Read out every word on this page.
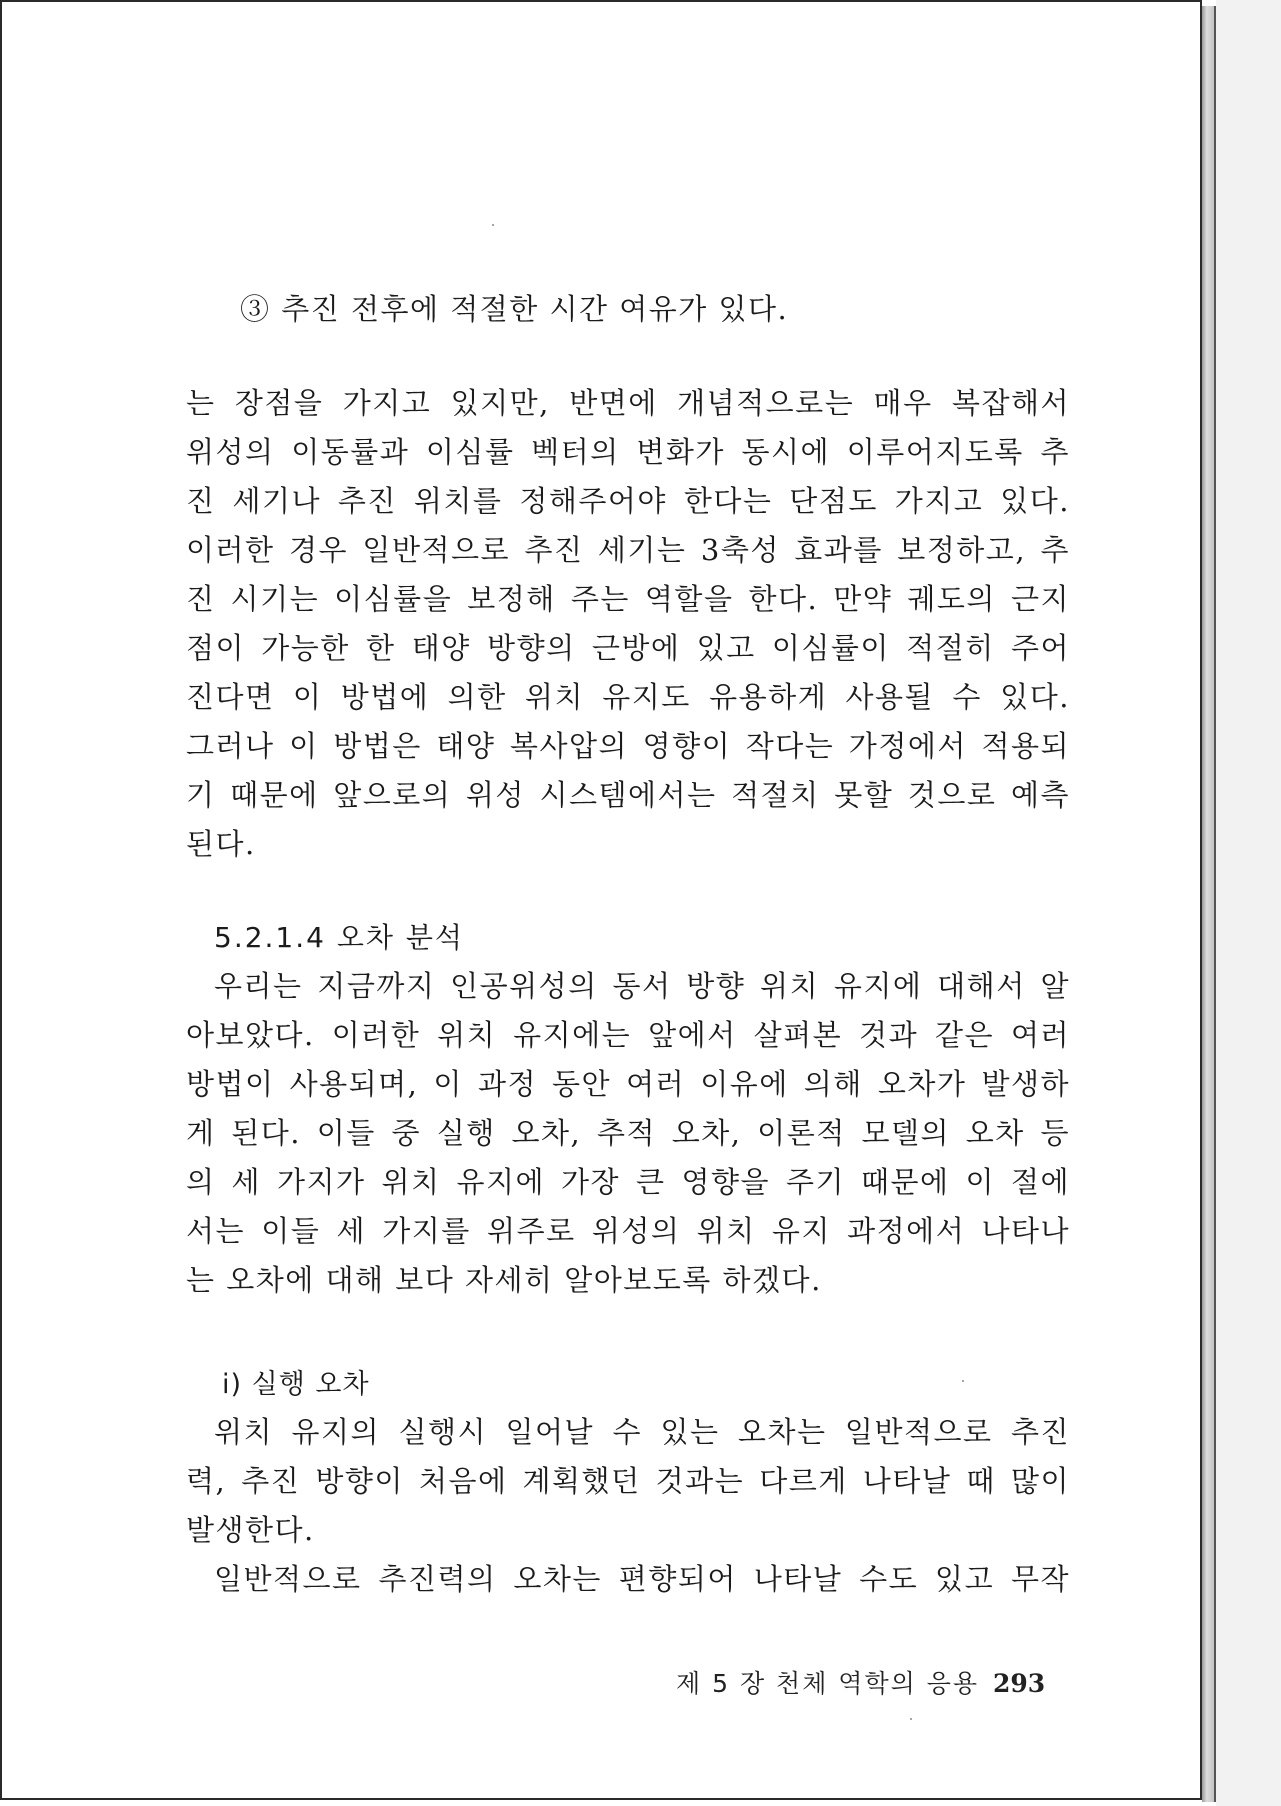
③ 추진 전후에 적절한 시간 여유가 있다.
는 장점을 가지고 있지만, 반면에 개념적으로는 매우 복잡해서
위성의 이동률과 이심률 벡터의 변화가 동시에 이루어지도록 추
진 세기나 추진 위치를 정해주어야 한다는 단점도 가지고 있다.
이러한 경우 일반적으로 추진 세기는 3축성 효과를 보정하고, 추
진 시기는 이심률을 보정해 주는 역할을 한다. 만약 궤도의 근지
점이 가능한 한 태양 방향의 근방에 있고 이심률이 적절히 주어
진다면 이 방법에 의한 위치 유지도 유용하게 사용될 수 있다.
그러나 이 방법은 태양 복사압의 영향이 작다는 가정에서 적용되
기 때문에 앞으로의 위성 시스템에서는 적절치 못할 것으로 예측
된다.
5.2.1.4 오차 분석
우리는 지금까지 인공위성의 동서 방향 위치 유지에 대해서 알
아보았다. 이러한 위치 유지에는 앞에서 살펴본 것과 같은 여러
방법이 사용되며, 이 과정 동안 여러 이유에 의해 오차가 발생하
게 된다. 이들 중 실행 오차, 추적 오차, 이론적 모델의 오차 등
의 세 가지가 위치 유지에 가장 큰 영향을 주기 때문에 이 절에
서는 이들 세 가지를 위주로 위성의 위치 유지 과정에서 나타나
는 오차에 대해 보다 자세히 알아보도록 하겠다.
ⅰ) 실행 오차
위치 유지의 실행시 일어날 수 있는 오차는 일반적으로 추진
력, 추진 방향이 처음에 계획했던 것과는 다르게 나타날 때 많이
발생한다.
일반적으로 추진력의 오차는 편향되어 나타날 수도 있고 무작
제 5 장 천체 역학의 응용 293
